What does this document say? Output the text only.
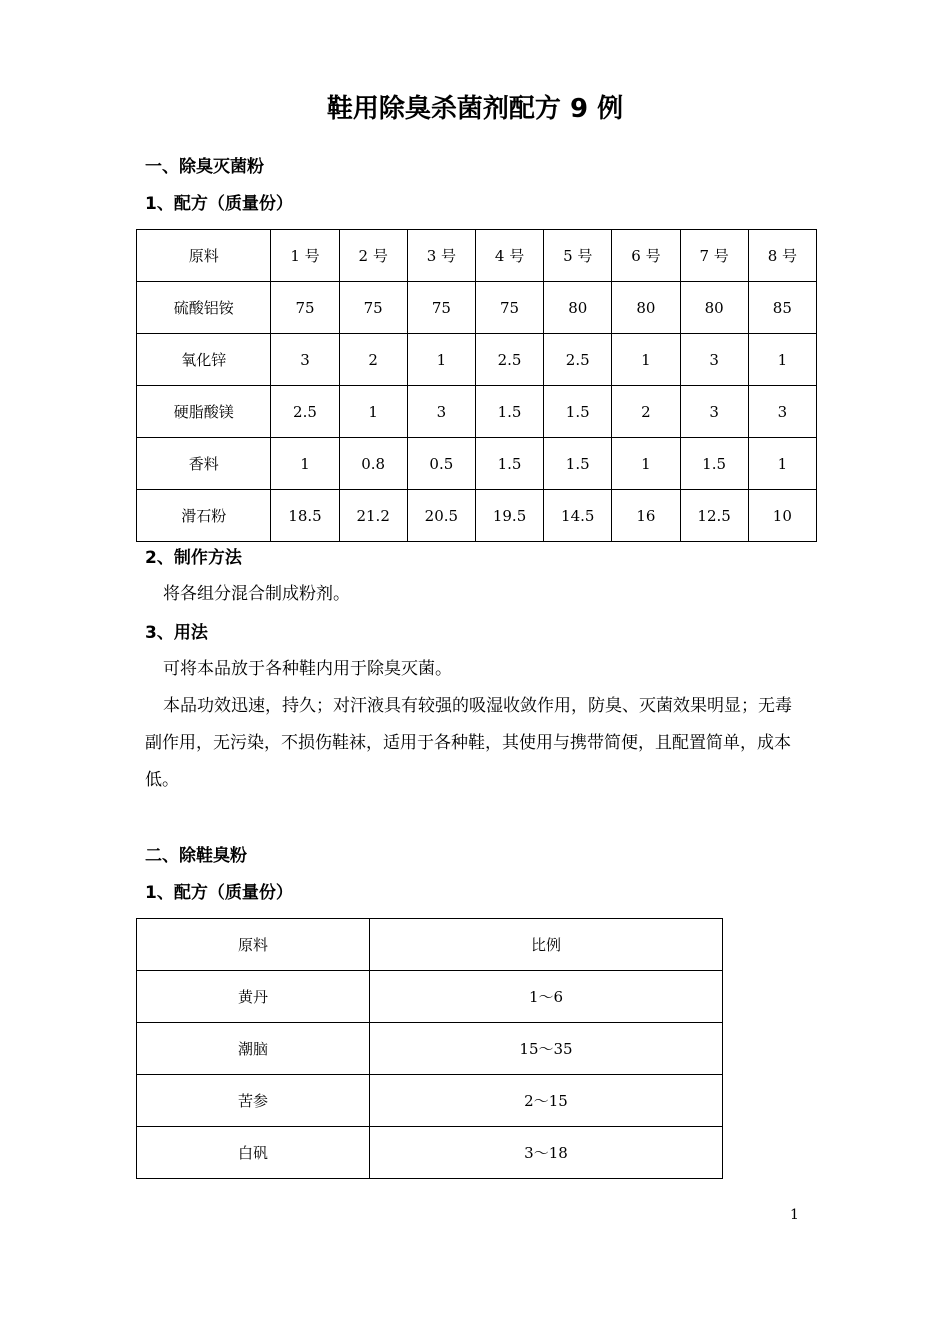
鞋用除臭杀菌剂配方 9 例
一、除臭灭菌粉
1、配方（质量份）
原料	1 号	2 号	3 号	4 号	5 号	6 号	7 号	8 号
硫酸铝铵	75	75	75	75	80	80	80	85
氧化锌	3	2	1	2.5	2.5	1	3	1
硬脂酸镁	2.5	1	3	1.5	1.5	2	3	3
香料	1	0.8	0.5	1.5	1.5	1	1.5	1
滑石粉	18.5	21.2	20.5	19.5	14.5	16	12.5	10
2、制作方法
将各组分混合制成粉剂。
3、用法
可将本品放于各种鞋内用于除臭灭菌。
本品功效迅速，持久；对汗液具有较强的吸湿收敛作用，防臭、灭菌效果明显；无毒副作用，无污染，不损伤鞋袜，适用于各种鞋，其使用与携带简便，且配置简单，成本低。
二、除鞋臭粉
1、配方（质量份）
原料	比例
黄丹	1～6
潮脑	15～35
苦参	2～15
白矾	3～18
1
